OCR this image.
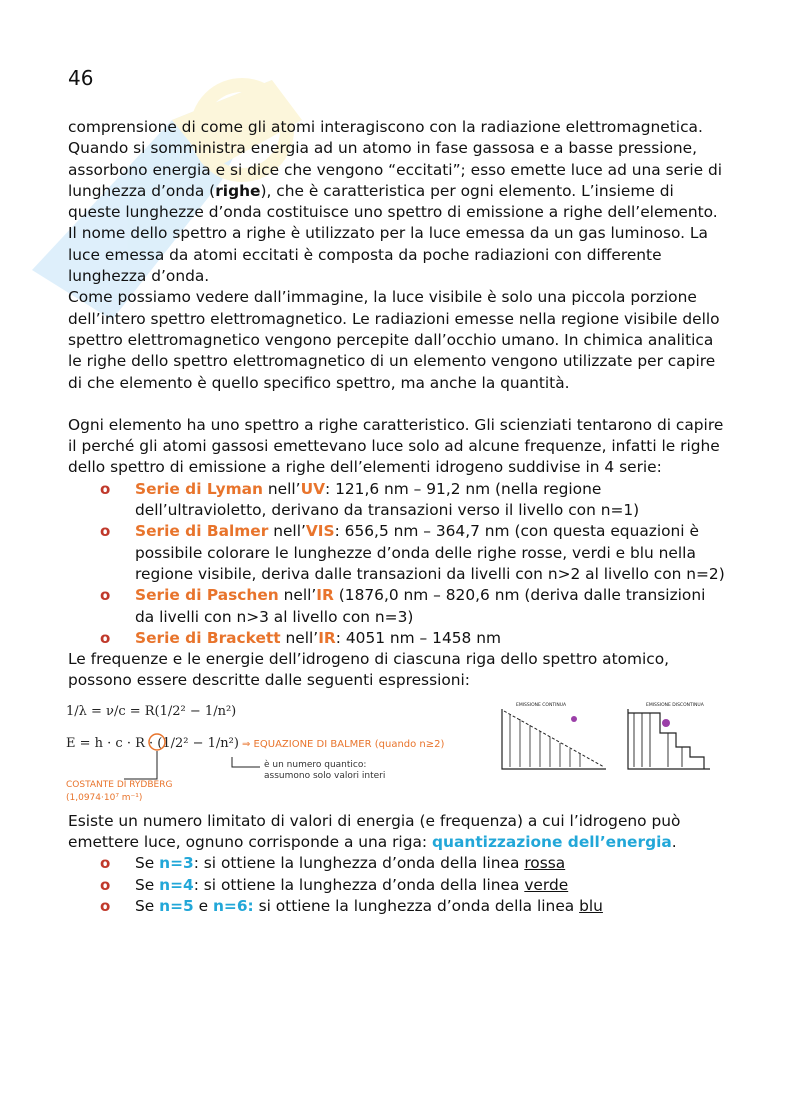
46

comprensione di come gli atomi interagiscono con la radiazione elettromagnetica.

Quando si somministra energia ad un atomo in fase gassosa e a basse pressione, assorbono energia e si dice che vengono “eccitati”; esso emette luce ad una serie di lunghezza d’onda (righe), che è caratteristica per ogni elemento. L’insieme di queste lunghezze d’onda costituisce uno spettro di emissione a righe dell’elemento. Il nome dello spettro a righe è utilizzato per la luce emessa da un gas luminoso. La luce emessa da atomi eccitati è composta da poche radiazioni con differente lunghezza d’onda.

Come possiamo vedere dall’immagine, la luce visibile è solo una piccola porzione dell’intero spettro elettromagnetico. Le radiazioni emesse nella regione visibile dello spettro elettromagnetico vengono percepite dall’occhio umano. In chimica analitica le righe dello spettro elettromagnetico di un elemento vengono utilizzate per capire di che elemento è quello specifico spettro, ma anche la quantità.

Ogni elemento ha uno spettro a righe caratteristico. Gli scienziati tentarono di capire il perché gli atomi gassosi emettevano luce solo ad alcune frequenze, infatti le righe dello spettro di emissione a righe dell’elementi idrogeno suddivise in 4 serie:

o Serie di Lyman nell’UV: 121,6 nm – 91,2 nm (nella regione dell’ultravioletto, derivano da transazioni verso il livello con n=1)
o Serie di Balmer nell’VIS: 656,5 nm – 364,7 nm (con questa equazioni è possibile colorare le lunghezze d’onda delle righe rosse, verdi e blu nella regione visibile, deriva dalle transazioni da livelli con n>2 al livello con n=2)
o Serie di Paschen nell’IR (1876,0 nm – 820,6 nm (deriva dalle transizioni da livelli con n>3 al livello con n=3)
o Serie di Brackett nell’IR: 4051 nm – 1458 nm

Le frequenze e le energie dell’idrogeno di ciascuna riga dello spettro atomico, possono essere descritte dalle seguenti espressioni:

1/λ = ν/c = R(1/2² − 1/n²)
E = h · c · R · (1/2² − 1/n²) ⇒ EQUAZIONE DI BALMER (quando n≥2)
è un numero quantico:
assumono solo valori interi
COSTANTE DI RYDBERG
(1,0974·10⁷ m⁻¹)
EMISSIONE CONTINUA	EMISSIONE DISCONTINUA

Esiste un numero limitato di valori di energia (e frequenza) a cui l’idrogeno può emettere luce, ognuno corrisponde a una riga: quantizzazione dell’energia.

o Se n=3: si ottiene la lunghezza d’onda della linea rossa
o Se n=4: si ottiene la lunghezza d’onda della linea verde
o Se n=5 e n=6: si ottiene la lunghezza d’onda della linea blu
